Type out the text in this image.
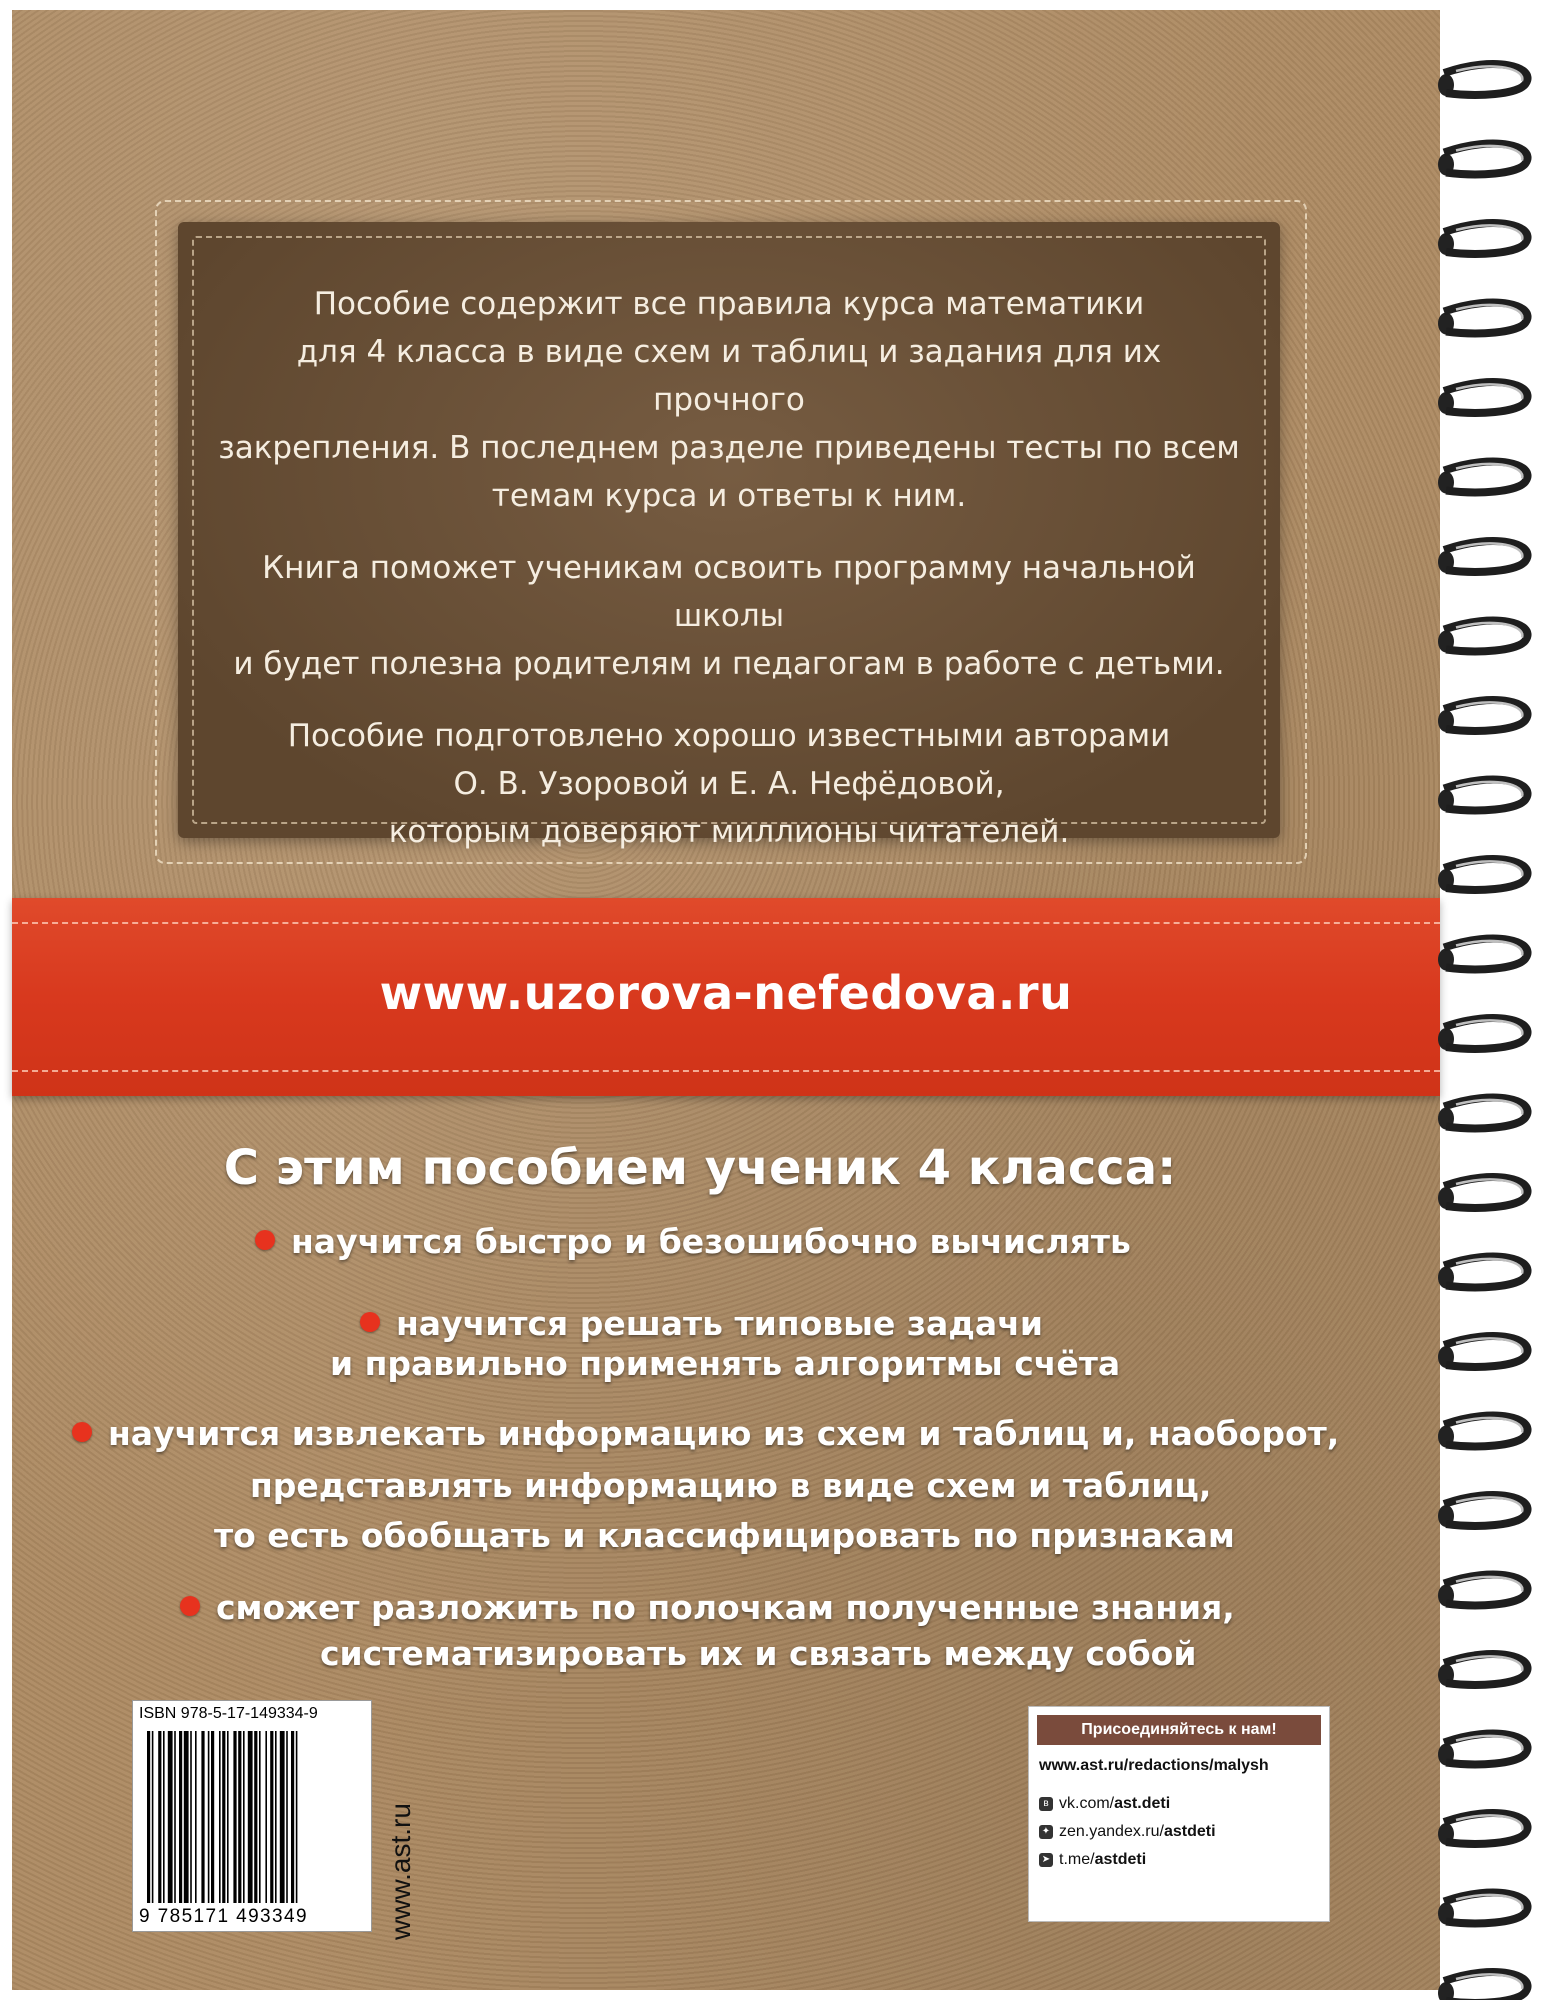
Пособие содержит все правила курса математики
для 4 класса в виде схем и таблиц и задания для их прочного
закрепления. В последнем разделе приведены тесты по всем
темам курса и ответы к ним.

Книга поможет ученикам освоить программу начальной школы
и будет полезна родителям и педагогам в работе с детьми.

Пособие подготовлено хорошо известными авторами
О. В. Узоровой и Е. А. Нефёдовой,
которым доверяют миллионы читателей.

www.uzorova-nefedova.ru
С этим пособием ученик 4 класса:
научится быстро и безошибочно вычислять
научится решать типовые задачи
и правильно применять алгоритмы счёта
научится извлекать информацию из схем и таблиц и, наоборот,
представлять информацию в виде схем и таблиц,
то есть обобщать и классифицировать по признакам
сможет разложить по полочкам полученные знания,
систематизировать их и связать между собой
ISBN 978-5-17-149334-9
9 785171 493349	www.ast.ru
Присоединяйтесь к нам!
www.ast.ru/redactions/malysh
в vk.com/ast.deti
✦ zen.yandex.ru/astdeti
➤ t.me/astdeti
